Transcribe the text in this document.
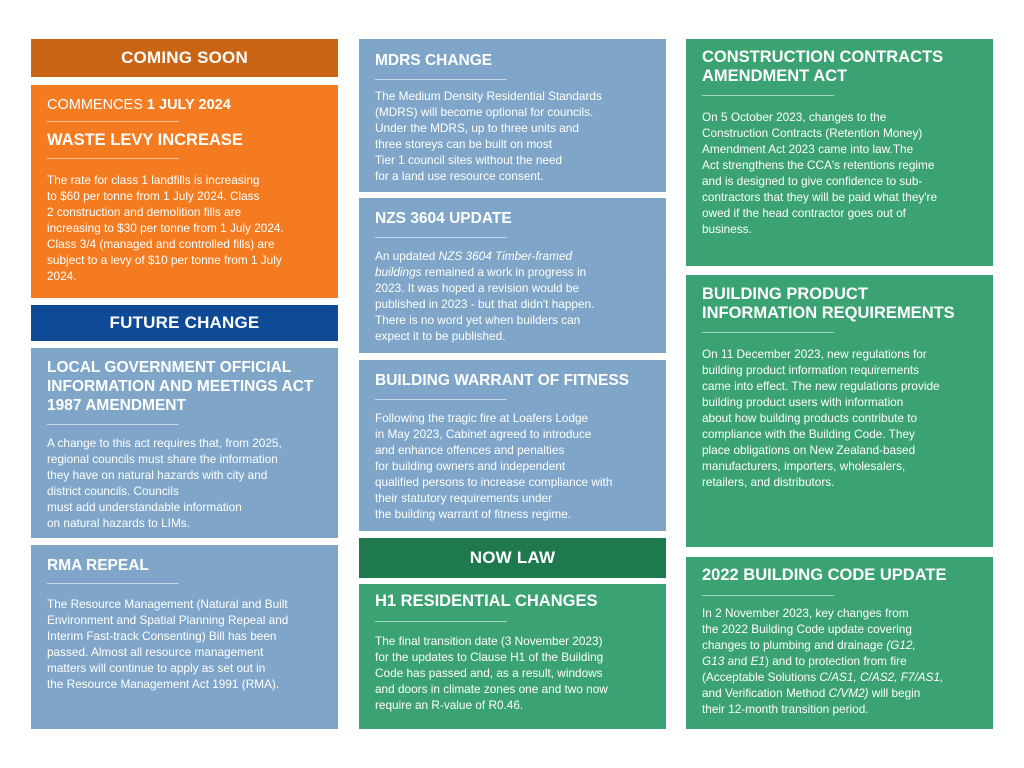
COMING SOON

COMMENCES 1 JULY 2024

WASTE LEVY INCREASE

The rate for class 1 landfills is increasing
to $60 per tonne from 1 July 2024. Class
2 construction and demolition fills are
increasing to $30 per tonne from 1 July 2024.
Class 3/4 (managed and controlled fills) are
subject to a levy of $10 per tonne from 1 July
2024.

FUTURE CHANGE

LOCAL GOVERNMENT OFFICIAL INFORMATION AND MEETINGS ACT 1987 AMENDMENT

A change to this act requires that, from 2025,
regional councils must share the information
they have on natural hazards with city and
district councils. Councils
must add understandable information
on natural hazards to LIMs.

RMA REPEAL

The Resource Management (Natural and Built
Environment and Spatial Planning Repeal and
Interim Fast-track Consenting) Bill has been
passed. Almost all resource management
matters will continue to apply as set out in
the Resource Management Act 1991 (RMA).

MDRS CHANGE

The Medium Density Residential Standards
(MDRS) will become optional for councils.
Under the MDRS, up to three units and
three storeys can be built on most
Tier 1 council sites without the need
for a land use resource consent.

NZS 3604 UPDATE

An updated NZS 3604 Timber-framed
buildings remained a work in progress in
2023. It was hoped a revision would be
published in 2023 - but that didn't happen.
There is no word yet when builders can
expect it to be published.

BUILDING WARRANT OF FITNESS

Following the tragic fire at Loafers Lodge
in May 2023, Cabinet agreed to introduce
and enhance offences and penalties
for building owners and independent
qualified persons to increase compliance with
their statutory requirements under
the building warrant of fitness regime.

NOW LAW

H1 RESIDENTIAL CHANGES

The final transition date (3 November 2023)
for the updates to Clause H1 of the Building
Code has passed and, as a result, windows
and doors in climate zones one and two now
require an R-value of R0.46.

CONSTRUCTION CONTRACTS AMENDMENT ACT

On 5 October 2023, changes to the
Construction Contracts (Retention Money)
Amendment Act 2023 came into law.The
Act strengthens the CCA's retentions regime
and is designed to give confidence to sub-
contractors that they will be paid what they're
owed if the head contractor goes out of
business.

BUILDING PRODUCT INFORMATION REQUIREMENTS

On 11 December 2023, new regulations for
building product information requirements
came into effect. The new regulations provide
building product users with information
about how building products contribute to
compliance with the Building Code. They
place obligations on New Zealand-based
manufacturers, importers, wholesalers,
retailers, and distributors.

2022 BUILDING CODE UPDATE

In 2 November 2023, key changes from
the 2022 Building Code update covering
changes to plumbing and drainage (G12,
G13 and E1) and to protection from fire
(Acceptable Solutions C/AS1, C/AS2, F7/AS1,
and Verification Method C/VM2) will begin
their 12-month transition period.
